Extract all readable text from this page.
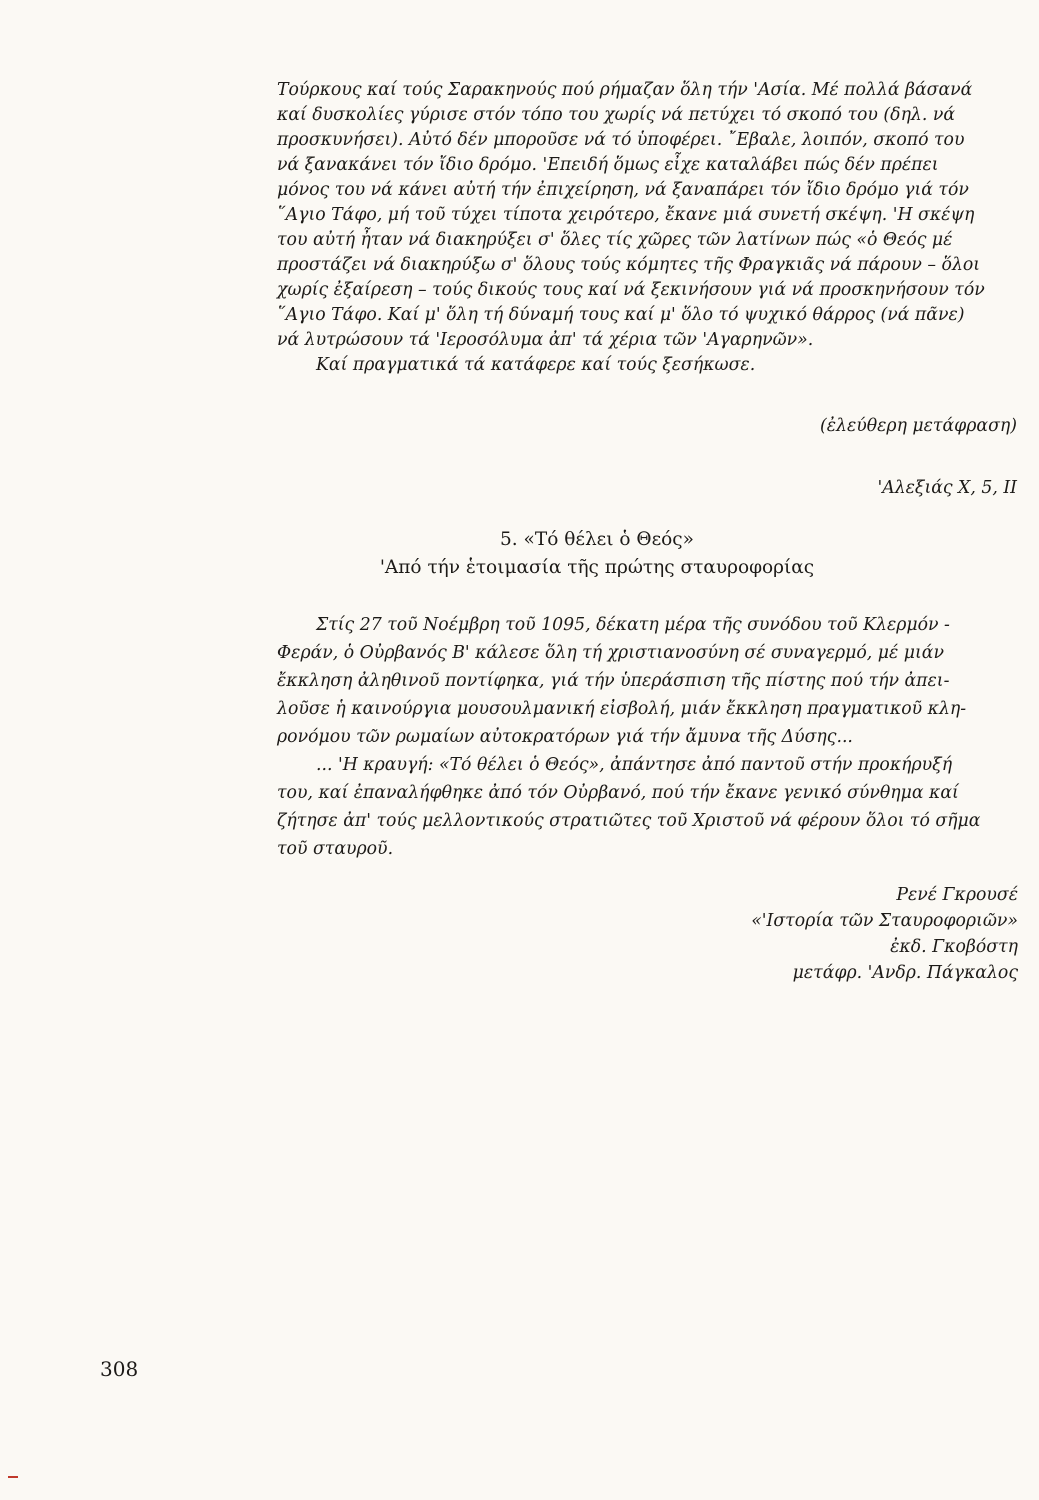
Τούρκους καί τούς Σαρακηνούς πού ρήμαζαν ὅλη τήν 'Ασία. Μέ πολλά βάσανά
καί δυσκολίες γύρισε στόν τόπο του χωρίς νά πετύχει τό σκοπό του (δηλ. νά
προσκυνήσει). Αὐτό δέν μποροῦσε νά τό ὑποφέρει. ῎Εβαλε, λοιπόν, σκοπό του
νά ξανακάνει τόν ἴδιο δρόμο. 'Επειδή ὅμως εἶχε καταλάβει πώς δέν πρέπει
μόνος του νά κάνει αὐτή τήν ἐπιχείρηση, νά ξαναπάρει τόν ἴδιο δρόμο γιά τόν
῞Αγιο Τάφο, μή τοῦ τύχει τίποτα χειρότερο, ἔκανε μιά συνετή σκέψη. 'Η σκέψη
του αὐτή ἦταν νά διακηρύξει σ' ὅλες τίς χῶρες τῶν λατίνων πώς «ὁ Θεός μέ
προστάζει νά διακηρύξω σ' ὅλους τούς κόμητες τῆς Φραγκιᾶς νά πάρουν – ὅλοι
χωρίς ἐξαίρεση – τούς δικούς τους καί νά ξεκινήσουν γιά νά προσκηνήσουν τόν
῞Αγιο Τάφο. Καί μ' ὅλη τή δύναμή τους καί μ' ὅλο τό ψυχικό θάρρος (νά πᾶνε)
νά λυτρώσουν τά 'Ιεροσόλυμα ἀπ' τά χέρια τῶν 'Αγαρηνῶν».
Καί πραγματικά τά κατάφερε καί τούς ξεσήκωσε.
(ἐλεύθερη μετάφραση)
'Αλεξιάς X, 5, II
5. «Τό θέλει ὁ Θεός»
'Από τήν ἑτοιμασία τῆς πρώτης σταυροφορίας
Στίς 27 τοῦ Νοέμβρη τοῦ 1095, δέκατη μέρα τῆς συνόδου τοῦ Κλερμόν -
Φεράν, ὁ Οὐρβανός Β' κάλεσε ὅλη τή χριστιανοσύνη σέ συναγερμό, μέ μιάν
ἔκκληση ἀληθινοῦ ποντίφηκα, γιά τήν ὑπεράσπιση τῆς πίστης πού τήν ἀπει-
λοῦσε ἡ καινούργια μουσουλμανική εἰσβολή, μιάν ἔκκληση πραγματικοῦ κλη-
ρονόμου τῶν ρωμαίων αὐτοκρατόρων γιά τήν ἄμυνα τῆς Δύσης...
... 'Η κραυγή: «Τό θέλει ὁ Θεός», ἀπάντησε ἀπό παντοῦ στήν προκήρυξή
του, καί ἐπαναλήφθηκε ἀπό τόν Οὐρβανό, πού τήν ἔκανε γενικό σύνθημα καί
ζήτησε ἀπ' τούς μελλοντικούς στρατιῶτες τοῦ Χριστοῦ νά φέρουν ὅλοι τό σῆμα
τοῦ σταυροῦ.
Ρενέ Γκρουσέ
«'Ιστορία τῶν Σταυροφοριῶν»
ἐκδ. Γκοβόστη
μετάφρ. 'Ανδρ. Πάγκαλος
308
